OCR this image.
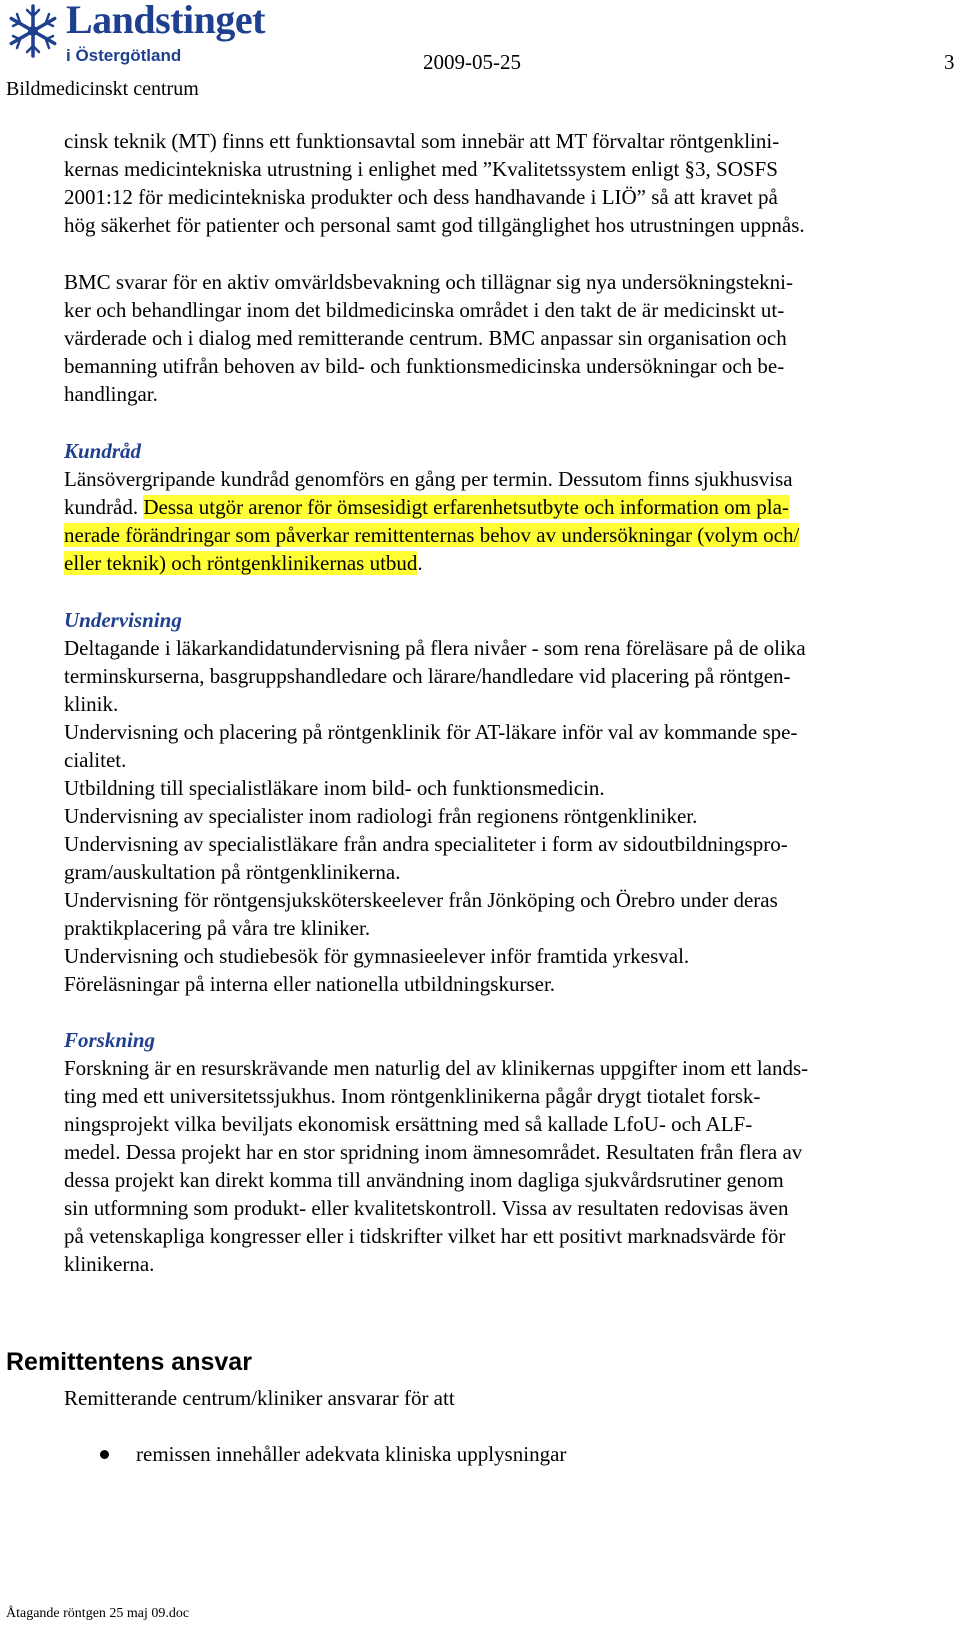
Landstinget
i Östergötland	2009-05-25	3
Bildmedicinskt centrum
cinsk teknik (MT) finns ett funktionsavtal som innebär att MT förvaltar röntgenklini-
kernas medicintekniska utrustning i enlighet med ”Kvalitetssystem enligt §3, SOSFS
2001:12 för medicintekniska produkter och dess handhavande i LIÖ” så att kravet på
hög säkerhet för patienter och personal samt god tillgänglighet hos utrustningen uppnås.
BMC svarar för en aktiv omvärldsbevakning och tillägnar sig nya undersökningstekni-
ker och behandlingar inom det bildmedicinska området i den takt de är medicinskt ut-
värderade och i dialog med remitterande centrum. BMC anpassar sin organisation och
bemanning utifrån behoven av bild- och funktionsmedicinska undersökningar och be-
handlingar.
Kundråd
Länsövergripande kundråd genomförs en gång per termin. Dessutom finns sjukhusvisa
kundråd. Dessa utgör arenor för ömsesidigt erfarenhetsutbyte och information om pla-
nerade förändringar som påverkar remittenternas behov av undersökningar (volym och/
eller teknik) och röntgenklinikernas utbud.
Undervisning
Deltagande i läkarkandidatundervisning på flera nivåer - som rena föreläsare på de olika
terminskurserna, basgruppshandledare och lärare/handledare vid placering på röntgen-
klinik.
Undervisning och placering på röntgenklinik för AT-läkare inför val av kommande spe-
cialitet.
Utbildning till specialistläkare inom bild- och funktionsmedicin.
Undervisning av specialister inom radiologi från regionens röntgenkliniker.
Undervisning av specialistläkare från andra specialiteter i form av sidoutbildningspro-
gram/auskultation på röntgenklinikerna.
Undervisning för röntgensjuksköterskeelever från Jönköping och Örebro under deras
praktikplacering på våra tre kliniker.
Undervisning och studiebesök för gymnasieelever inför framtida yrkesval.
Föreläsningar på interna eller nationella utbildningskurser.
Forskning
Forskning är en resurskrävande men naturlig del av klinikernas uppgifter inom ett lands-
ting med ett universitetssjukhus. Inom röntgenklinikerna pågår drygt tiotalet forsk-
ningsprojekt vilka beviljats ekonomisk ersättning med så kallade LfoU- och ALF-
medel. Dessa projekt har en stor spridning inom ämnesområdet. Resultaten från flera av
dessa projekt kan direkt komma till användning inom dagliga sjukvårdsrutiner genom
sin utformning som produkt- eller kvalitetskontroll. Vissa av resultaten redovisas även
på vetenskapliga kongresser eller i tidskrifter vilket har ett positivt marknadsvärde för
klinikerna.
Remittentens ansvar
Remitterande centrum/kliniker ansvarar för att
remissen innehåller adekvata kliniska upplysningar
Åtagande röntgen 25 maj 09.doc
